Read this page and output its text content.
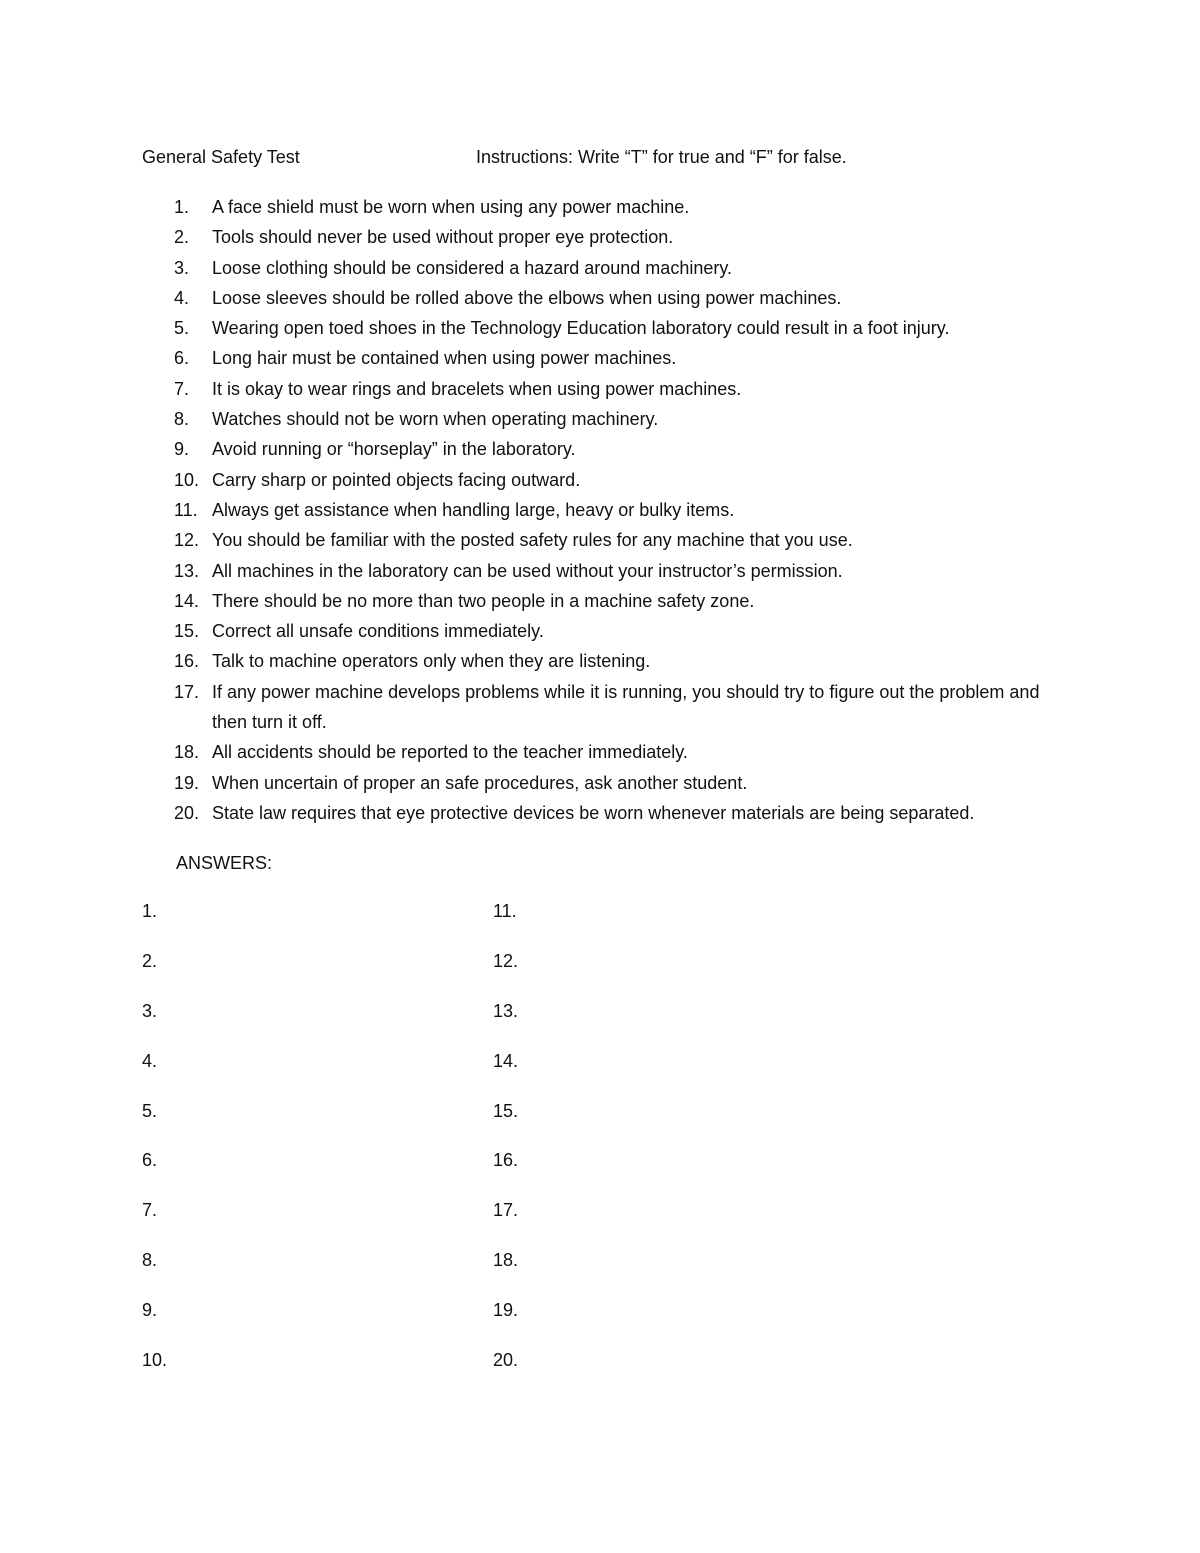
General Safety Test	Instructions: Write “T” for true and “F” for false.
1.	A face shield must be worn when using any power machine.
2.	Tools should never be used without proper eye protection.
3.	Loose clothing should be considered a hazard around machinery.
4.	Loose sleeves should be rolled above the elbows when using power machines.
5.	Wearing open toed shoes in the Technology Education laboratory could result in a foot injury.
6.	Long hair must be contained when using power machines.
7.	It is okay to wear rings and bracelets when using power machines.
8.	Watches should not be worn when operating machinery.
9.	Avoid running or “horseplay” in the laboratory.
10. Carry sharp or pointed objects facing outward.
11. Always get assistance when handling large, heavy or bulky items.
12. You should be familiar with the posted safety rules for any machine that you use.
13. All machines in the laboratory can be used without your instructor’s permission.
14. There should be no more than two people in a machine safety zone.
15. Correct all unsafe conditions immediately.
16. Talk to machine operators only when they are listening.
17. If any power machine develops problems while it is running, you should try to figure out the problem and then turn it off.
18. All accidents should be reported to the teacher immediately.
19. When uncertain of proper an safe procedures, ask another student.
20. State law requires that eye protective devices be worn whenever materials are being separated.
ANSWERS:
1.	11.
2.	12.
3.	13.
4.	14.
5.	15.
6.	16.
7.	17.
8.	18.
9.	19.
10.	20.
